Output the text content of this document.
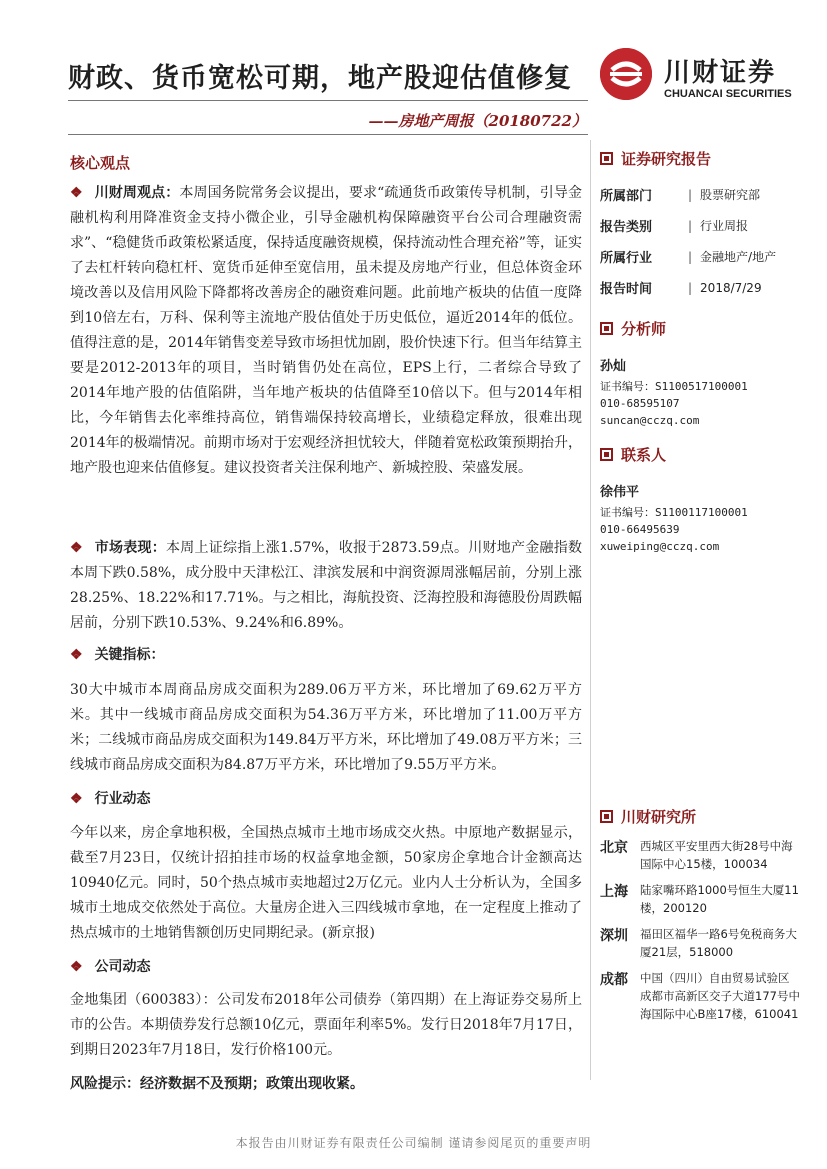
财政、货币宽松可期，地产股迎估值修复
——房地产周报（20180722）
川财证券
CHUANCAI SECURITIES
核心观点

❖ 川财周观点：本周国务院常务会议提出，要求“疏通货币政策传导机制，引导金融机构利用降准资金支持小微企业，引导金融机构保障融资平台公司合理融资需求”、“稳健货币政策松紧适度，保持适度融资规模，保持流动性合理充裕”等，证实了去杠杆转向稳杠杆、宽货币延伸至宽信用，虽未提及房地产行业，但总体资金环境改善以及信用风险下降都将改善房企的融资难问题。此前地产板块的估值一度降到10倍左右，万科、保利等主流地产股估值处于历史低位，逼近2014年的低位。值得注意的是，2014年销售变差导致市场担忧加剧，股价快速下行。但当年结算主要是2012-2013年的项目，当时销售仍处在高位，EPS上行，二者综合导致了2014年地产股的估值陷阱，当年地产板块的估值降至10倍以下。但与2014年相比，今年销售去化率维持高位，销售端保持较高增长，业绩稳定释放，很难出现2014年的极端情况。前期市场对于宏观经济担忧较大，伴随着宽松政策预期抬升，地产股也迎来估值修复。建议投资者关注保利地产、新城控股、荣盛发展。

❖ 市场表现：本周上证综指上涨1.57%，收报于2873.59点。川财地产金融指数本周下跌0.58%，成分股中天津松江、津滨发展和中润资源周涨幅居前，分别上涨28.25%、18.22%和17.71%。与之相比，海航投资、泛海控股和海德股份周跌幅居前，分别下跌10.53%、9.24%和6.89%。

❖ 关键指标：

30大中城市本周商品房成交面积为289.06万平方米，环比增加了69.62万平方米。其中一线城市商品房成交面积为54.36万平方米，环比增加了11.00万平方米；二线城市商品房成交面积为149.84万平方米，环比增加了49.08万平方米；三线城市商品房成交面积为84.87万平方米，环比增加了9.55万平方米。

❖ 行业动态

今年以来，房企拿地积极，全国热点城市土地市场成交火热。中原地产数据显示，截至7月23日，仅统计招拍挂市场的权益拿地金额，50家房企拿地合计金额高达10940亿元。同时，50个热点城市卖地超过2万亿元。业内人士分析认为，全国多城市土地成交依然处于高位。大量房企进入三四线城市拿地，在一定程度上推动了热点城市的土地销售额创历史同期纪录。(新京报)

❖ 公司动态

金地集团（600383）：公司发布2018年公司债券（第四期）在上海证券交易所上市的公告。本期债券发行总额10亿元，票面年利率5%。发行日2018年7月17日，到期日2023年7月18日，发行价格100元。

风险提示：经济数据不及预期；政策出现收紧。
证券研究报告
所属部门	| 股票研究部
报告类别	| 行业周报
所属行业	| 金融地产/地产
报告时间	| 2018/7/29
分析师
孙灿
证书编号：S1100517100001
010-68595107
suncan@cczq.com
联系人
徐伟平
证书编号：S1100117100001
010-66495639
xuweiping@cczq.com
川财研究所
北京	西城区平安里西大街28号中海国际中心15楼，100034
上海	陆家嘴环路1000号恒生大厦11楼，200120
深圳	福田区福华一路6号免税商务大厦21层，518000
成都	中国（四川）自由贸易试验区成都市高新区交子大道177号中海国际中心B座17楼，610041
本报告由川财证券有限责任公司编制 谨请参阅尾页的重要声明
